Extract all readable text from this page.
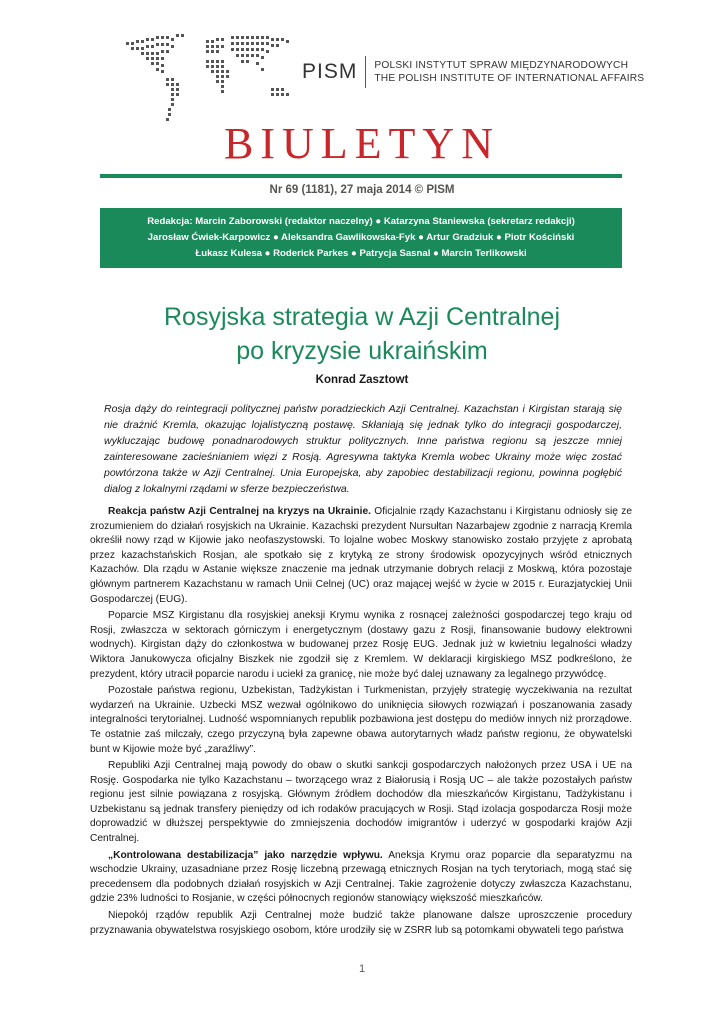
PISM	POLSKI INSTYTUT SPRAW MIĘDZYNARODOWYCH
THE POLISH INSTITUTE OF INTERNATIONAL AFFAIRS
BIULETYN
Nr 69 (1181), 27 maja 2014 © PISM
Redakcja: Marcin Zaborowski (redaktor naczelny) ● Katarzyna Staniewska (sekretarz redakcji)
Jarosław Ćwiek-Karpowicz ● Aleksandra Gawlikowska-Fyk ● Artur Gradziuk ● Piotr Kościński
Łukasz Kulesa ● Roderick Parkes ● Patrycja Sasnal ● Marcin Terlikowski
Rosyjska strategia w Azji Centralnej
po kryzysie ukraińskim
Konrad Zasztowt
Rosja dąży do reintegracji politycznej państw poradzieckich Azji Centralnej. Kazachstan i Kirgistan starają się nie drażnić Kremla, okazując lojalistyczną postawę. Skłaniają się jednak tylko do integracji gospodarczej, wykluczając budowę ponadnarodowych struktur politycznych. Inne państwa regionu są jeszcze mniej zainteresowane zacieśnianiem więzi z Rosją. Agresywna taktyka Kremla wobec Ukrainy może więc zostać powtórzona także w Azji Centralnej. Unia Europejska, aby zapobiec destabilizacji regionu, powinna pogłębić dialog z lokalnymi rządami w sferze bezpieczeństwa.

Reakcja państw Azji Centralnej na kryzys na Ukrainie. Oficjalnie rządy Kazachstanu i Kirgistanu odniosły się ze zrozumieniem do działań rosyjskich na Ukrainie. Kazachski prezydent Nursułtan Nazarbajew zgodnie z narracją Kremla określił nowy rząd w Kijowie jako neofaszystowski. To lojalne wobec Moskwy stanowisko zostało przyjęte z aprobatą przez kazachstańskich Rosjan, ale spotkało się z krytyką ze strony środowisk opozycyjnych wśród etnicznych Kazachów. Dla rządu w Astanie większe znaczenie ma jednak utrzymanie dobrych relacji z Moskwą, która pozostaje głównym partnerem Kazachstanu w ramach Unii Celnej (UC) oraz mającej wejść w życie w 2015 r. Eurazjatyckiej Unii Gospodarczej (EUG).

Poparcie MSZ Kirgistanu dla rosyjskiej aneksji Krymu wynika z rosnącej zależności gospodarczej tego kraju od Rosji, zwłaszcza w sektorach górniczym i energetycznym (dostawy gazu z Rosji, finansowanie budowy elektrowni wodnych). Kirgistan dąży do członkostwa w budowanej przez Rosję EUG. Jednak już w kwietniu legalności władzy Wiktora Janukowycza oficjalny Biszkek nie zgodził się z Kremlem. W deklaracji kirgiskiego MSZ podkreślono, że prezydent, który utracił poparcie narodu i uciekł za granicę, nie może być dalej uznawany za legalnego przywódcę.

Pozostałe państwa regionu, Uzbekistan, Tadżykistan i Turkmenistan, przyjęły strategię wyczekiwania na rezultat wydarzeń na Ukrainie. Uzbecki MSZ wezwał ogólnikowo do uniknięcia siłowych rozwiązań i poszanowania zasady integralności terytorialnej. Ludność wspomnianych republik pozbawiona jest dostępu do mediów innych niż prorządowe. Te ostatnie zaś milczały, czego przyczyną była zapewne obawa autorytarnych władz państw regionu, że obywatelski bunt w Kijowie może być „zaraźliwy”.

Republiki Azji Centralnej mają powody do obaw o skutki sankcji gospodarczych nałożonych przez USA i UE na Rosję. Gospodarka nie tylko Kazachstanu – tworzącego wraz z Białorusią i Rosją UC – ale także pozostałych państw regionu jest silnie powiązana z rosyjską. Głównym źródłem dochodów dla mieszkańców Kirgistanu, Tadżykistanu i Uzbekistanu są jednak transfery pieniędzy od ich rodaków pracujących w Rosji. Stąd izolacja gospodarcza Rosji może doprowadzić w dłuższej perspektywie do zmniejszenia dochodów imigrantów i uderzyć w gospodarki krajów Azji Centralnej.

„Kontrolowana destabilizacja” jako narzędzie wpływu. Aneksja Krymu oraz poparcie dla separatyzmu na wschodzie Ukrainy, uzasadniane przez Rosję liczebną przewagą etnicznych Rosjan na tych terytoriach, mogą stać się precedensem dla podobnych działań rosyjskich w Azji Centralnej. Takie zagrożenie dotyczy zwłaszcza Kazachstanu, gdzie 23% ludności to Rosjanie, w części północnych regionów stanowiący większość mieszkańców.

Niepokój rządów republik Azji Centralnej może budzić także planowane dalsze uproszczenie procedury przyznawania obywatelstwa rosyjskiego osobom, które urodziły się w ZSRR lub są potomkami obywateli tego państwa

1
